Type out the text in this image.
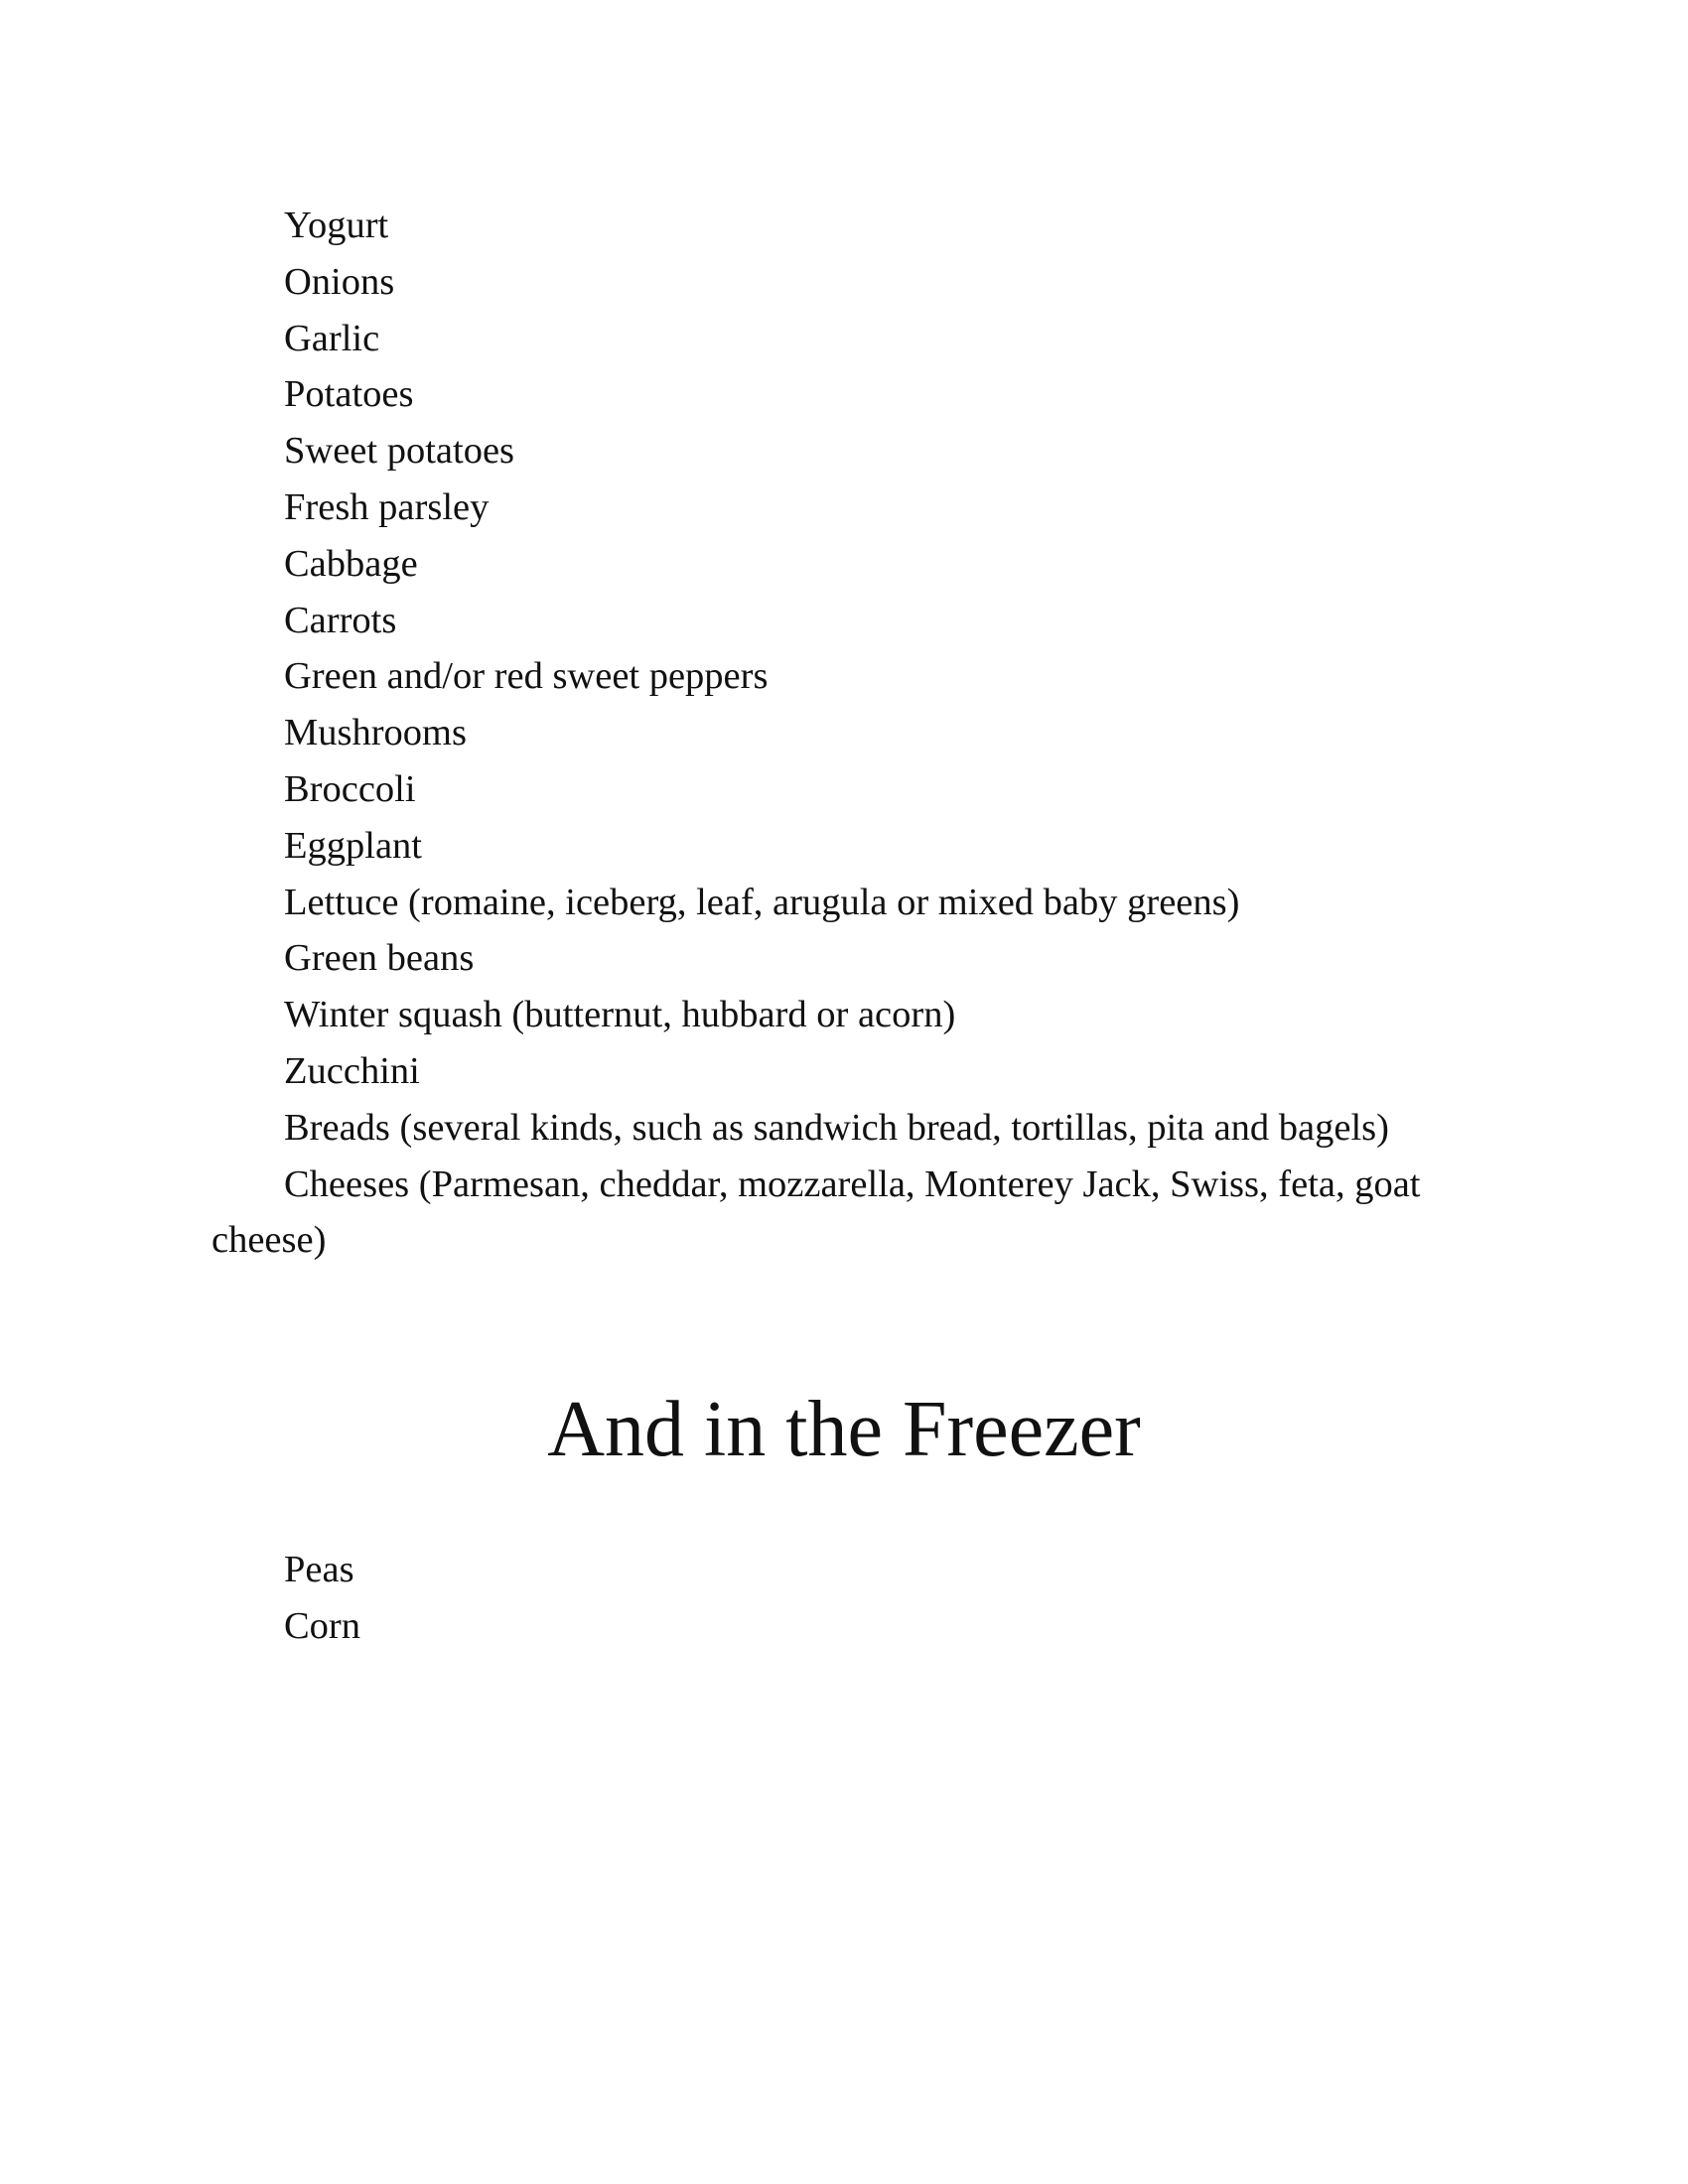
Yogurt
Onions
Garlic
Potatoes
Sweet potatoes
Fresh parsley
Cabbage
Carrots
Green and/or red sweet peppers
Mushrooms
Broccoli
Eggplant
Lettuce (romaine, iceberg, leaf, arugula or mixed baby greens)
Green beans
Winter squash (butternut, hubbard or acorn)
Zucchini
Breads (several kinds, such as sandwich bread, tortillas, pita and bagels)
Cheeses (Parmesan, cheddar, mozzarella, Monterey Jack, Swiss, feta, goat cheese)
And in the Freezer
Peas
Corn
